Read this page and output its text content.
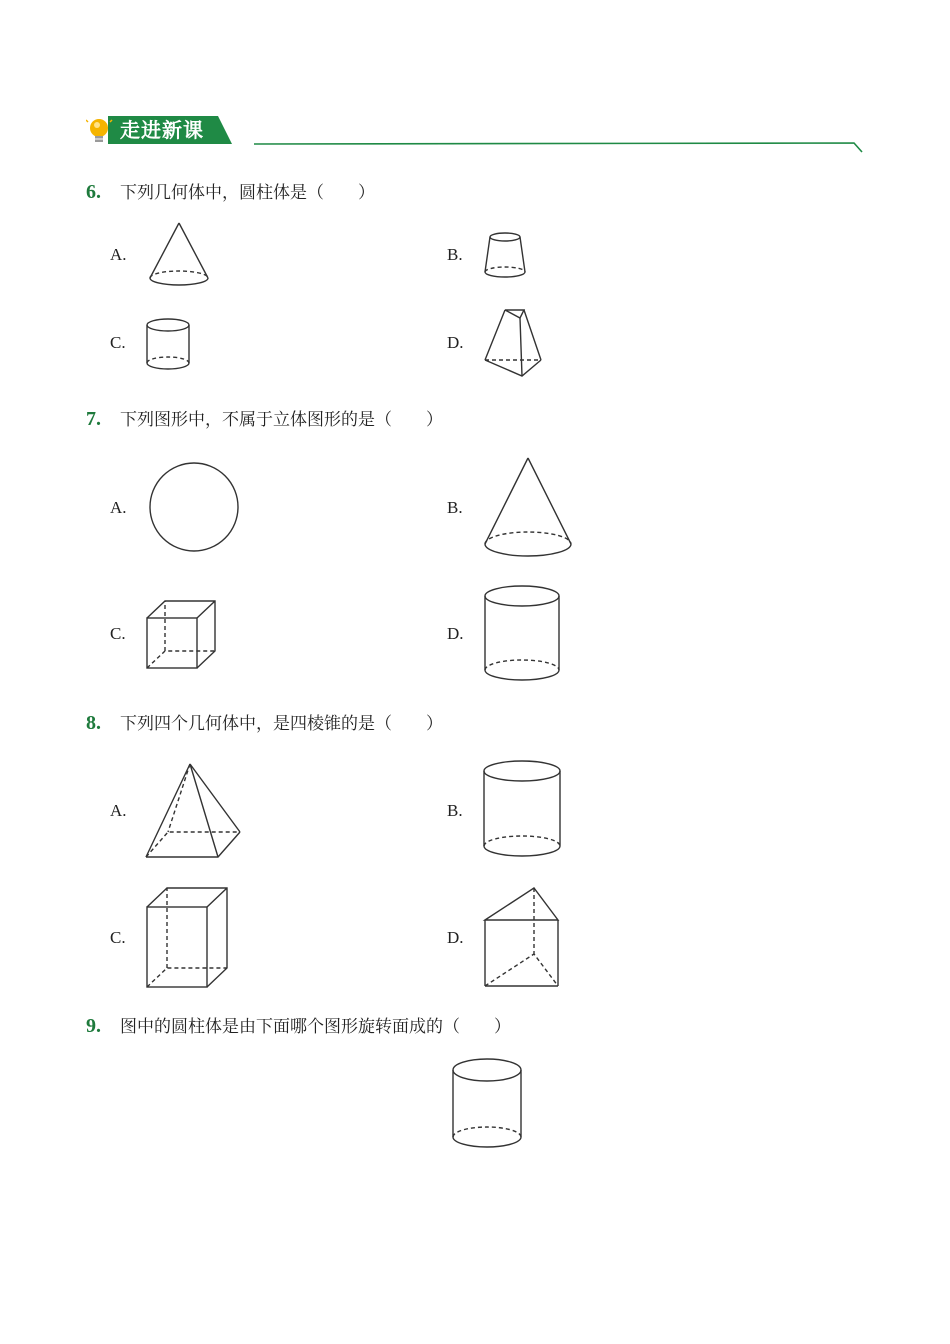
走进新课
6. 下列几何体中，圆柱体是（　　）
A.	B.
C.	D.
7. 下列图形中，不属于立体图形的是（　　）
A.	B.
C.	D.
8. 下列四个几何体中，是四棱锥的是（　　）
A.	B.
C.	D.
9. 图中的圆柱体是由下面哪个图形旋转面成的（　　）
